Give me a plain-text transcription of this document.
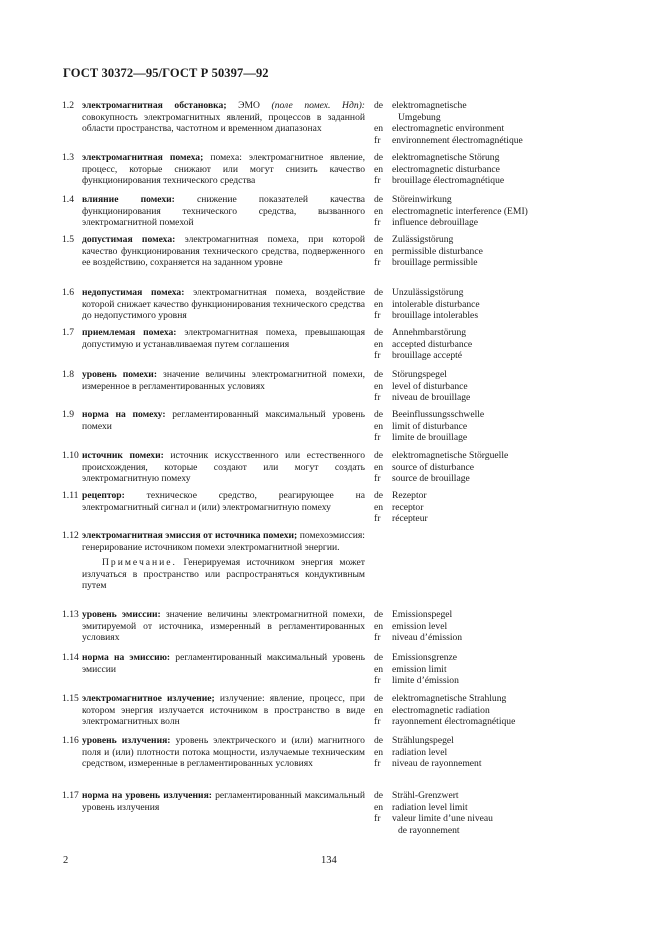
ГОСТ 30372—95/ГОСТ Р 50397—92
1.2 электромагнитная обстановка; ЭМО (поле помех. Ндп): совокупность электромагнитных явлений, процессов в заданной области пространства, частотном и временном диапазонах
de elektromagnetische
Umgebung
en electromagnetic environment
fr environnement électromagnétique
1.3 электромагнитная помеха; помеха: электромагнитное явление, процесс, которые снижают или могут снизить качество функционирования технического средства
de elektromagnetische Störung
en electromagnetic disturbance
fr brouillage électromagnétique
1.4 влияние помехи: снижение показателей качества функционирования технического средства, вызванного электромагнитной помехой
de Störeinwirkung
en electromagnetic interference (EMI)
fr influence debrouillage
1.5 допустимая помеха: электромагнитная помеха, при которой качество функционирования технического средства, подверженного ее воздействию, сохраняется на заданном уровне
de Zulässigstörung
en permissible disturbance
fr brouillage permissible
1.6 недопустимая помеха: электромагнитная помеха, воздействие которой снижает качество функционирования технического средства до недопустимого уровня
de Unzulässigstörung
en intolerable disturbance
fr brouillage intolerables
1.7 приемлемая помеха: электромагнитная помеха, превышающая допустимую и устанавливаемая путем соглашения
de Annehmbarstörung
en accepted disturbance
fr brouillage accepté
1.8 уровень помехи: значение величины электромагнитной помехи, измеренное в регламентированных условиях
de Störungspegel
en level of disturbance
fr niveau de brouillage
1.9 норма на помеху: регламентированный максимальный уровень помехи
de Beeinflussungsschwelle
en limit of disturbance
fr limite de brouillage
1.10 источник помехи: источник искусственного или естественного происхождения, которые создают или могут создать электромагнитную помеху
de elektromagnetische Störguelle
en source of disturbance
fr source de brouillage
1.11 рецептор: техническое средство, реагирующее на электромагнитный сигнал и (или) электромагнитную помеху
de Rezeptor
en receptor
fr récepteur
1.12 электромагнитная эмиссия от источника помехи; помехоэмиссия: генерирование источником помехи электромагнитной энергии.
Примечание. Генерируемая источником энергия может излучаться в пространство или распространяться кондуктивным путем
1.13 уровень эмиссии: значение величины электромагнитной помехи, эмитируемой от источника, измеренный в регламентированных условиях
de Emissionspegel
en emission level
fr niveau d’émission
1.14 норма на эмиссию: регламентированный максимальный уровень эмиссии
de Emissionsgrenze
en emission limit
fr limite d’émission
1.15 электромагнитное излучение; излучение: явление, процесс, при котором энергия излучается источником в пространство в виде электромагнитных волн
de elektromagnetische Strahlung
en electromagnetic radiation
fr rayonnement électromagnétique
1.16 уровень излучения: уровень электрического и (или) магнитного поля и (или) плотности потока мощности, излучаемые техническим средством, измеренные в регламентированных условиях
de Strählungspegel
en radiation level
fr niveau de rayonnement
1.17 норма на уровень излучения: регламентированный максимальный уровень излучения
de Strähl-Grenzwert
en radiation level limit
fr valeur limite d’une niveau
de rayonnement
2	134
